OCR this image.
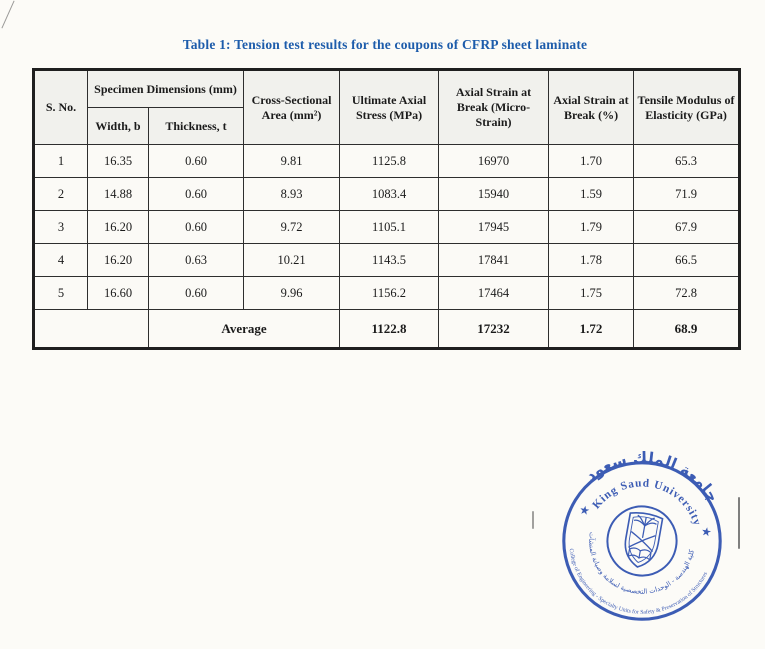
Table 1: Tension test results for the coupons of CFRP sheet laminate
S. No.	Specimen Dimensions (mm)		Cross-Sectional Area (mm²)	Ultimate Axial Stress (MPa)	Axial Strain at Break (Micro-Strain)	Axial Strain at Break (%)	Tensile Modulus of Elasticity (GPa)
	Width, b	Thickness, t					
1	16.35	0.60	9.81	1125.8	16970	1.70	65.3
2	14.88	0.60	8.93	1083.4	15940	1.59	71.9
3	16.20	0.60	9.72	1105.1	17945	1.79	67.9
4	16.20	0.63	10.21	1143.5	17841	1.78	66.5
5	16.60	0.60	9.96	1156.2	17464	1.75	72.8
		Average		1122.8	17232	1.72	68.9
جامعة الملك سعود
King Saud University
كلية الهندسة - الوحدات التخصصية لسلامة وصيانة المنشآت
College of Engineering - Specialty Units for Safety & Preservation of Structures
★
★
